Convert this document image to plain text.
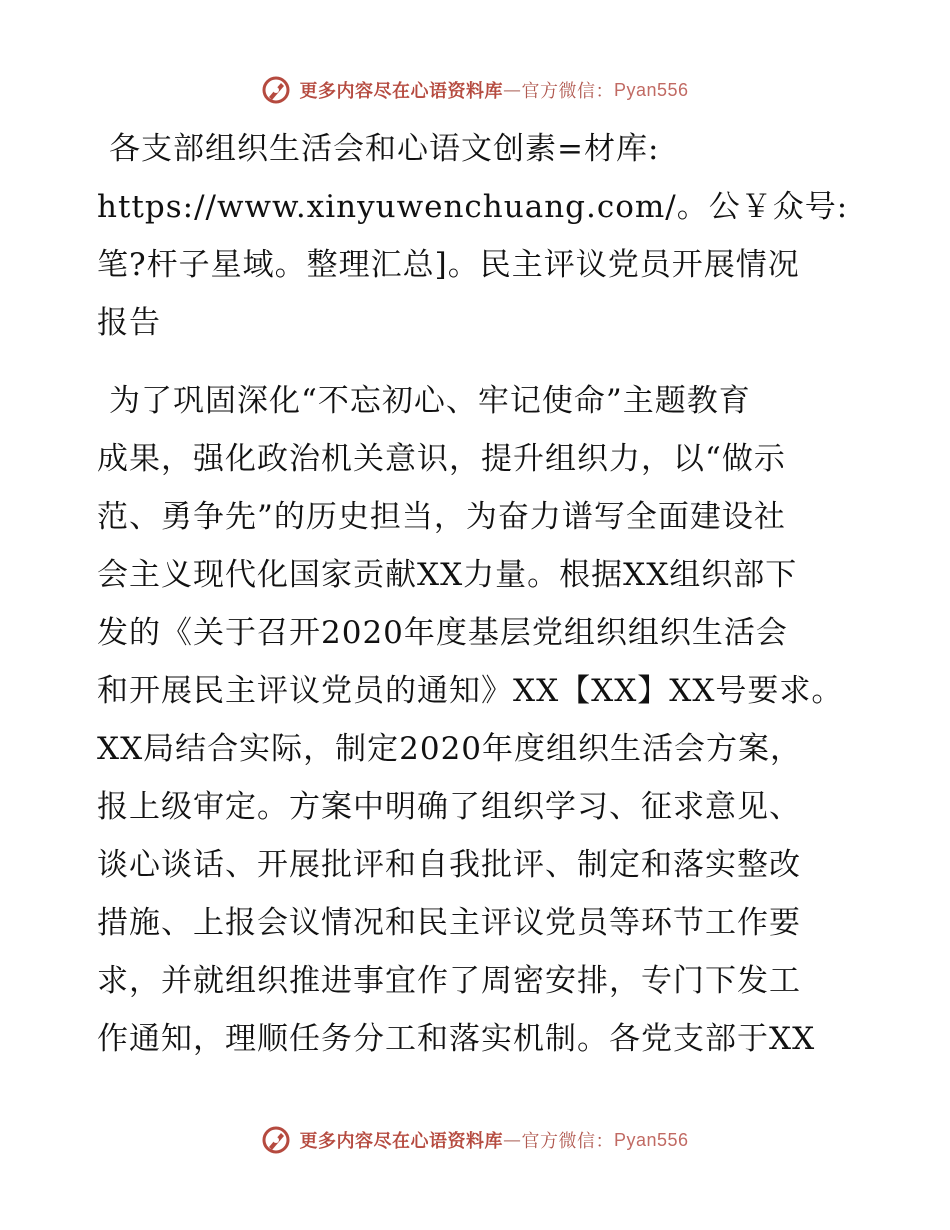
更多内容尽在心语资料库 — 官方微信： Pyan556

各支部组织生活会和心语文创素=材库:
https://www.xinyuwenchuang.com/。公￥众号:
笔?杆子星域。整理汇总]。民主评议党员开展情况
报告

为了巩固深化“不忘初心、牢记使命”主题教育
成果，强化政治机关意识，提升组织力，以“做示
范、勇争先”的历史担当，为奋力谱写全面建设社
会主义现代化国家贡献XX力量。根据XX组织部下
发的《关于召开2020年度基层党组织组织生活会
和开展民主评议党员的通知》XX【XX】XX号要求。
XX局结合实际，制定2020年度组织生活会方案，
报上级审定。方案中明确了组织学习、征求意见、
谈心谈话、开展批评和自我批评、制定和落实整改
措施、上报会议情况和民主评议党员等环节工作要
求，并就组织推进事宜作了周密安排，专门下发工
作通知，理顺任务分工和落实机制。各党支部于XX

更多内容尽在心语资料库 — 官方微信： Pyan556
